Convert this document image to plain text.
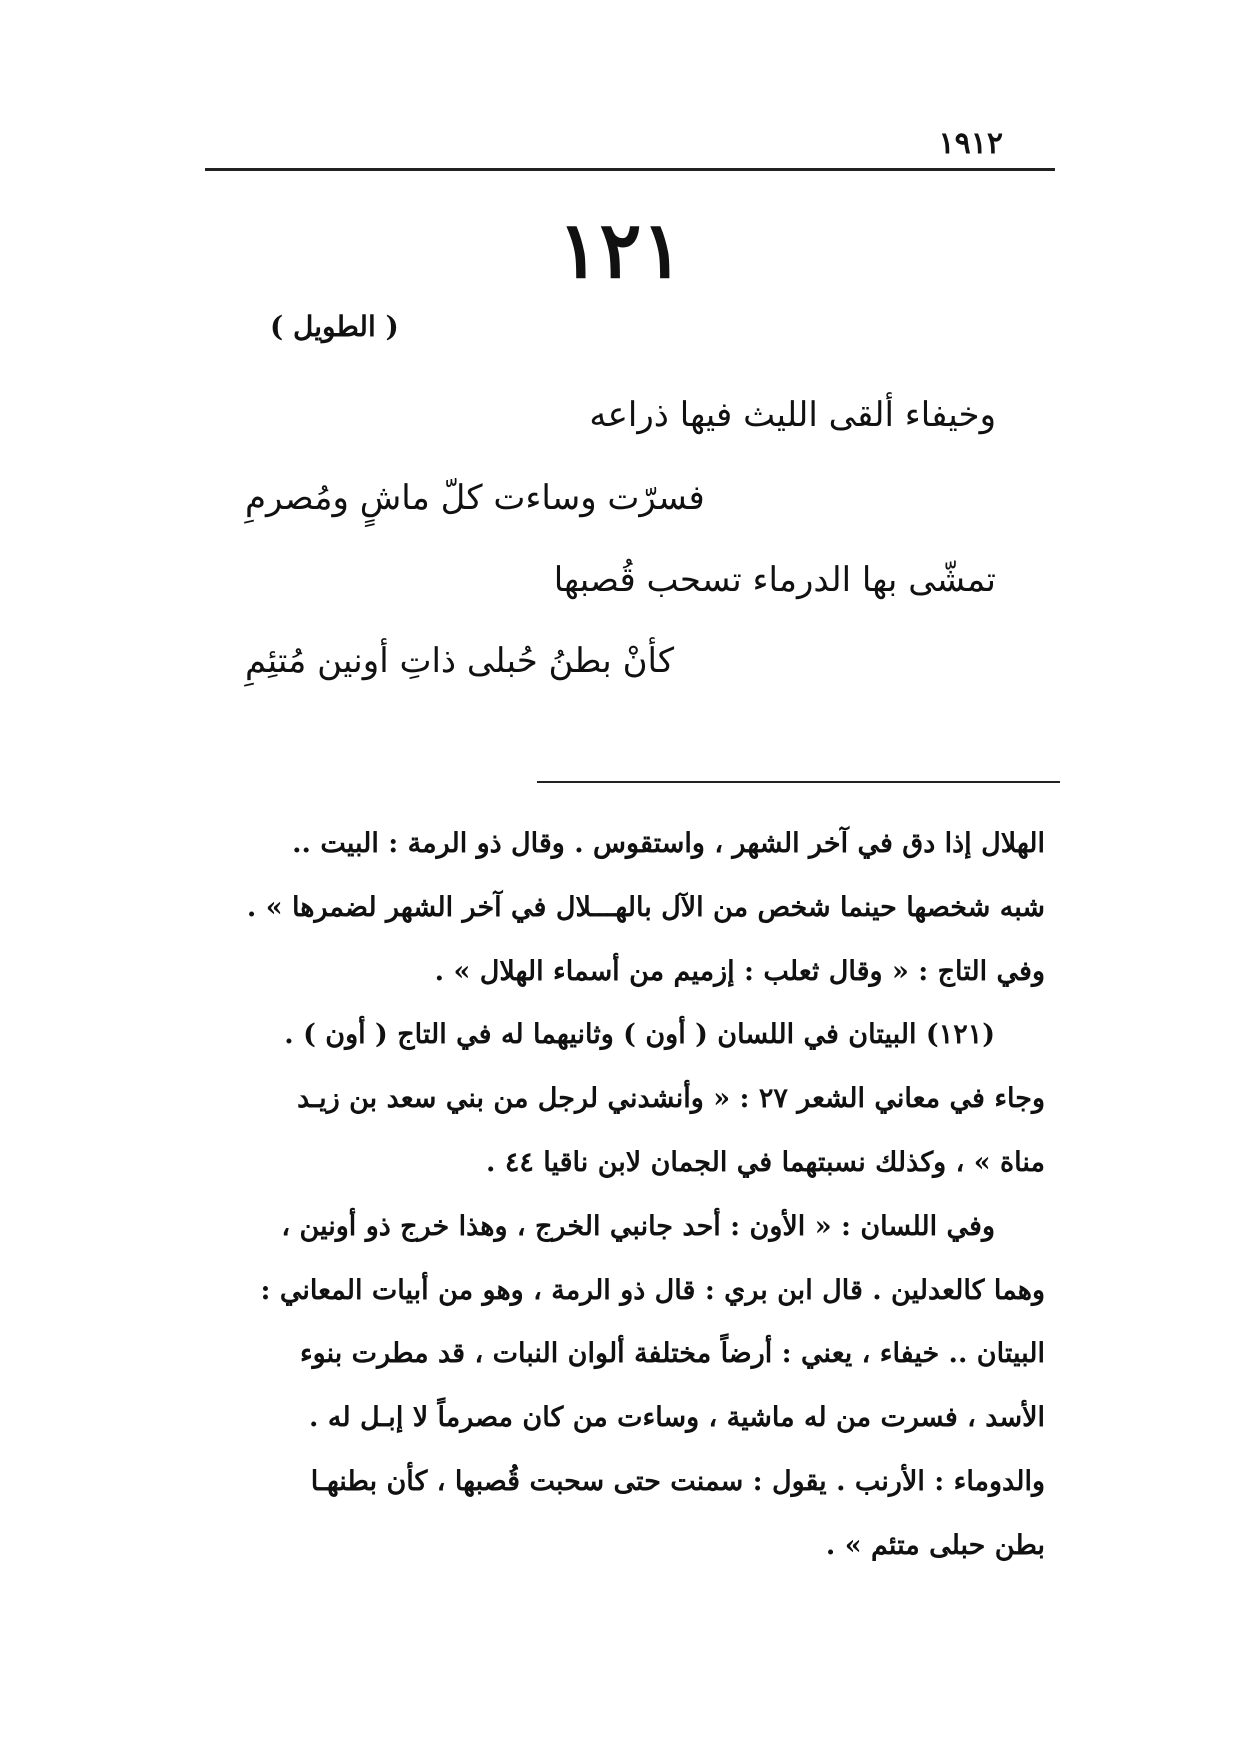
١٩١٢
١٢١
( الطويل )
وخيفاء ألقى الليث فيها ذراعه
فسرّت وساءت كلّ ماشٍ ومُصرمِ
تمشّى بها الدرماء تسحب قُصبها
كأنْ بطنُ حُبلى ذاتِ أونين مُتئِمِ
الهلال إذا دق في آخر الشهر ، واستقوس . وقال ذو الرمة : البيت ..
شبه شخصها حينما شخص من الآل بالهـــلال في آخر الشهر لضمرها » .
وفي التاج : « وقال ثعلب : إزميم من أسماء الهلال » .
(١٢١) البيتان في اللسان ( أون ) وثانيهما له في التاج ( أون ) .
وجاء في معاني الشعر ٢٧ : « وأنشدني لرجل من بني سعد بن زيـد
مناة » ، وكذلك نسبتهما في الجمان لابن ناقيا ٤٤ .
وفي اللسان : « الأون : أحد جانبي الخرج ، وهذا خرج ذو أونين ،
وهما كالعدلين . قال ابن بري : قال ذو الرمة ، وهو من أبيات المعاني :
البيتان .. خيفاء ، يعني : أرضاً مختلفة ألوان النبات ، قد مطرت بنوء
الأسد ، فسرت من له ماشية ، وساءت من كان مصرماً لا إبـل له .
والدوماء : الأرنب . يقول : سمنت حتى سحبت قُصبها ، كأن بطنهـا
بطن حبلى متئم » .
